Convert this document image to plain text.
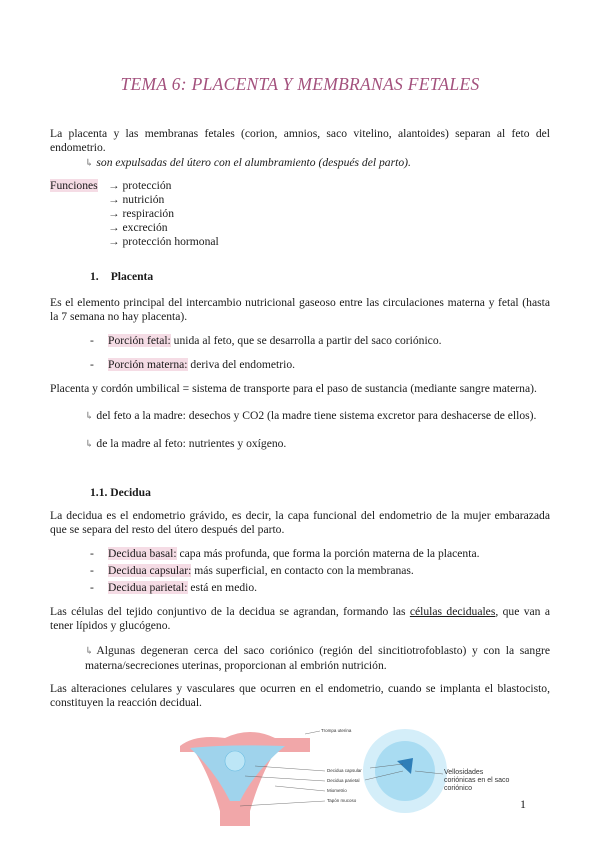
TEMA 6: PLACENTA Y MEMBRANAS FETALES
La placenta y las membranas fetales (corion, amnios, saco vitelino, alantoides) separan al feto del endometrio.
↳ son expulsadas del útero con el alumbramiento (después del parto).
Funciones → protección
→ nutrición
→ respiración
→ excreción
→ protección hormonal
1. Placenta
Es el elemento principal del intercambio nutricional gaseoso entre las circulaciones materna y fetal (hasta la 7 semana no hay placenta).
- Porción fetal: unida al feto, que se desarrolla a partir del saco coriónico.
- Porción materna: deriva del endometrio.
Placenta y cordón umbilical = sistema de transporte para el paso de sustancia (mediante sangre materna).
↳ del feto a la madre: desechos y CO2 (la madre tiene sistema excretor para deshacerse de ellos).
↳ de la madre al feto: nutrientes y oxígeno.
1.1. Decidua
La decidua es el endometrio grávido, es decir, la capa funcional del endometrio de la mujer embarazada que se separa del resto del útero después del parto.
- Decidua basal: capa más profunda, que forma la porción materna de la placenta.
- Decidua capsular: más superficial, en contacto con la membranas.
- Decidua parietal: está en medio.
Las células del tejido conjuntivo de la decidua se agrandan, formando las células deciduales, que van a tener lípidos y glucógeno.
↳ Algunas degeneran cerca del saco coriónico (región del sincitiotrofoblasto) y con la sangre materna/secreciones uterinas, proporcionan al embrión nutrición.
Las alteraciones celulares y vasculares que ocurren en el endometrio, cuando se implanta el blastocisto, constituyen la reacción decidual.
Trompa uterina
Decidua capsular
Decidua parietal
Miometrio
Tapón mucoso
Vellosidades coriónicas en el saco coriónico
1
